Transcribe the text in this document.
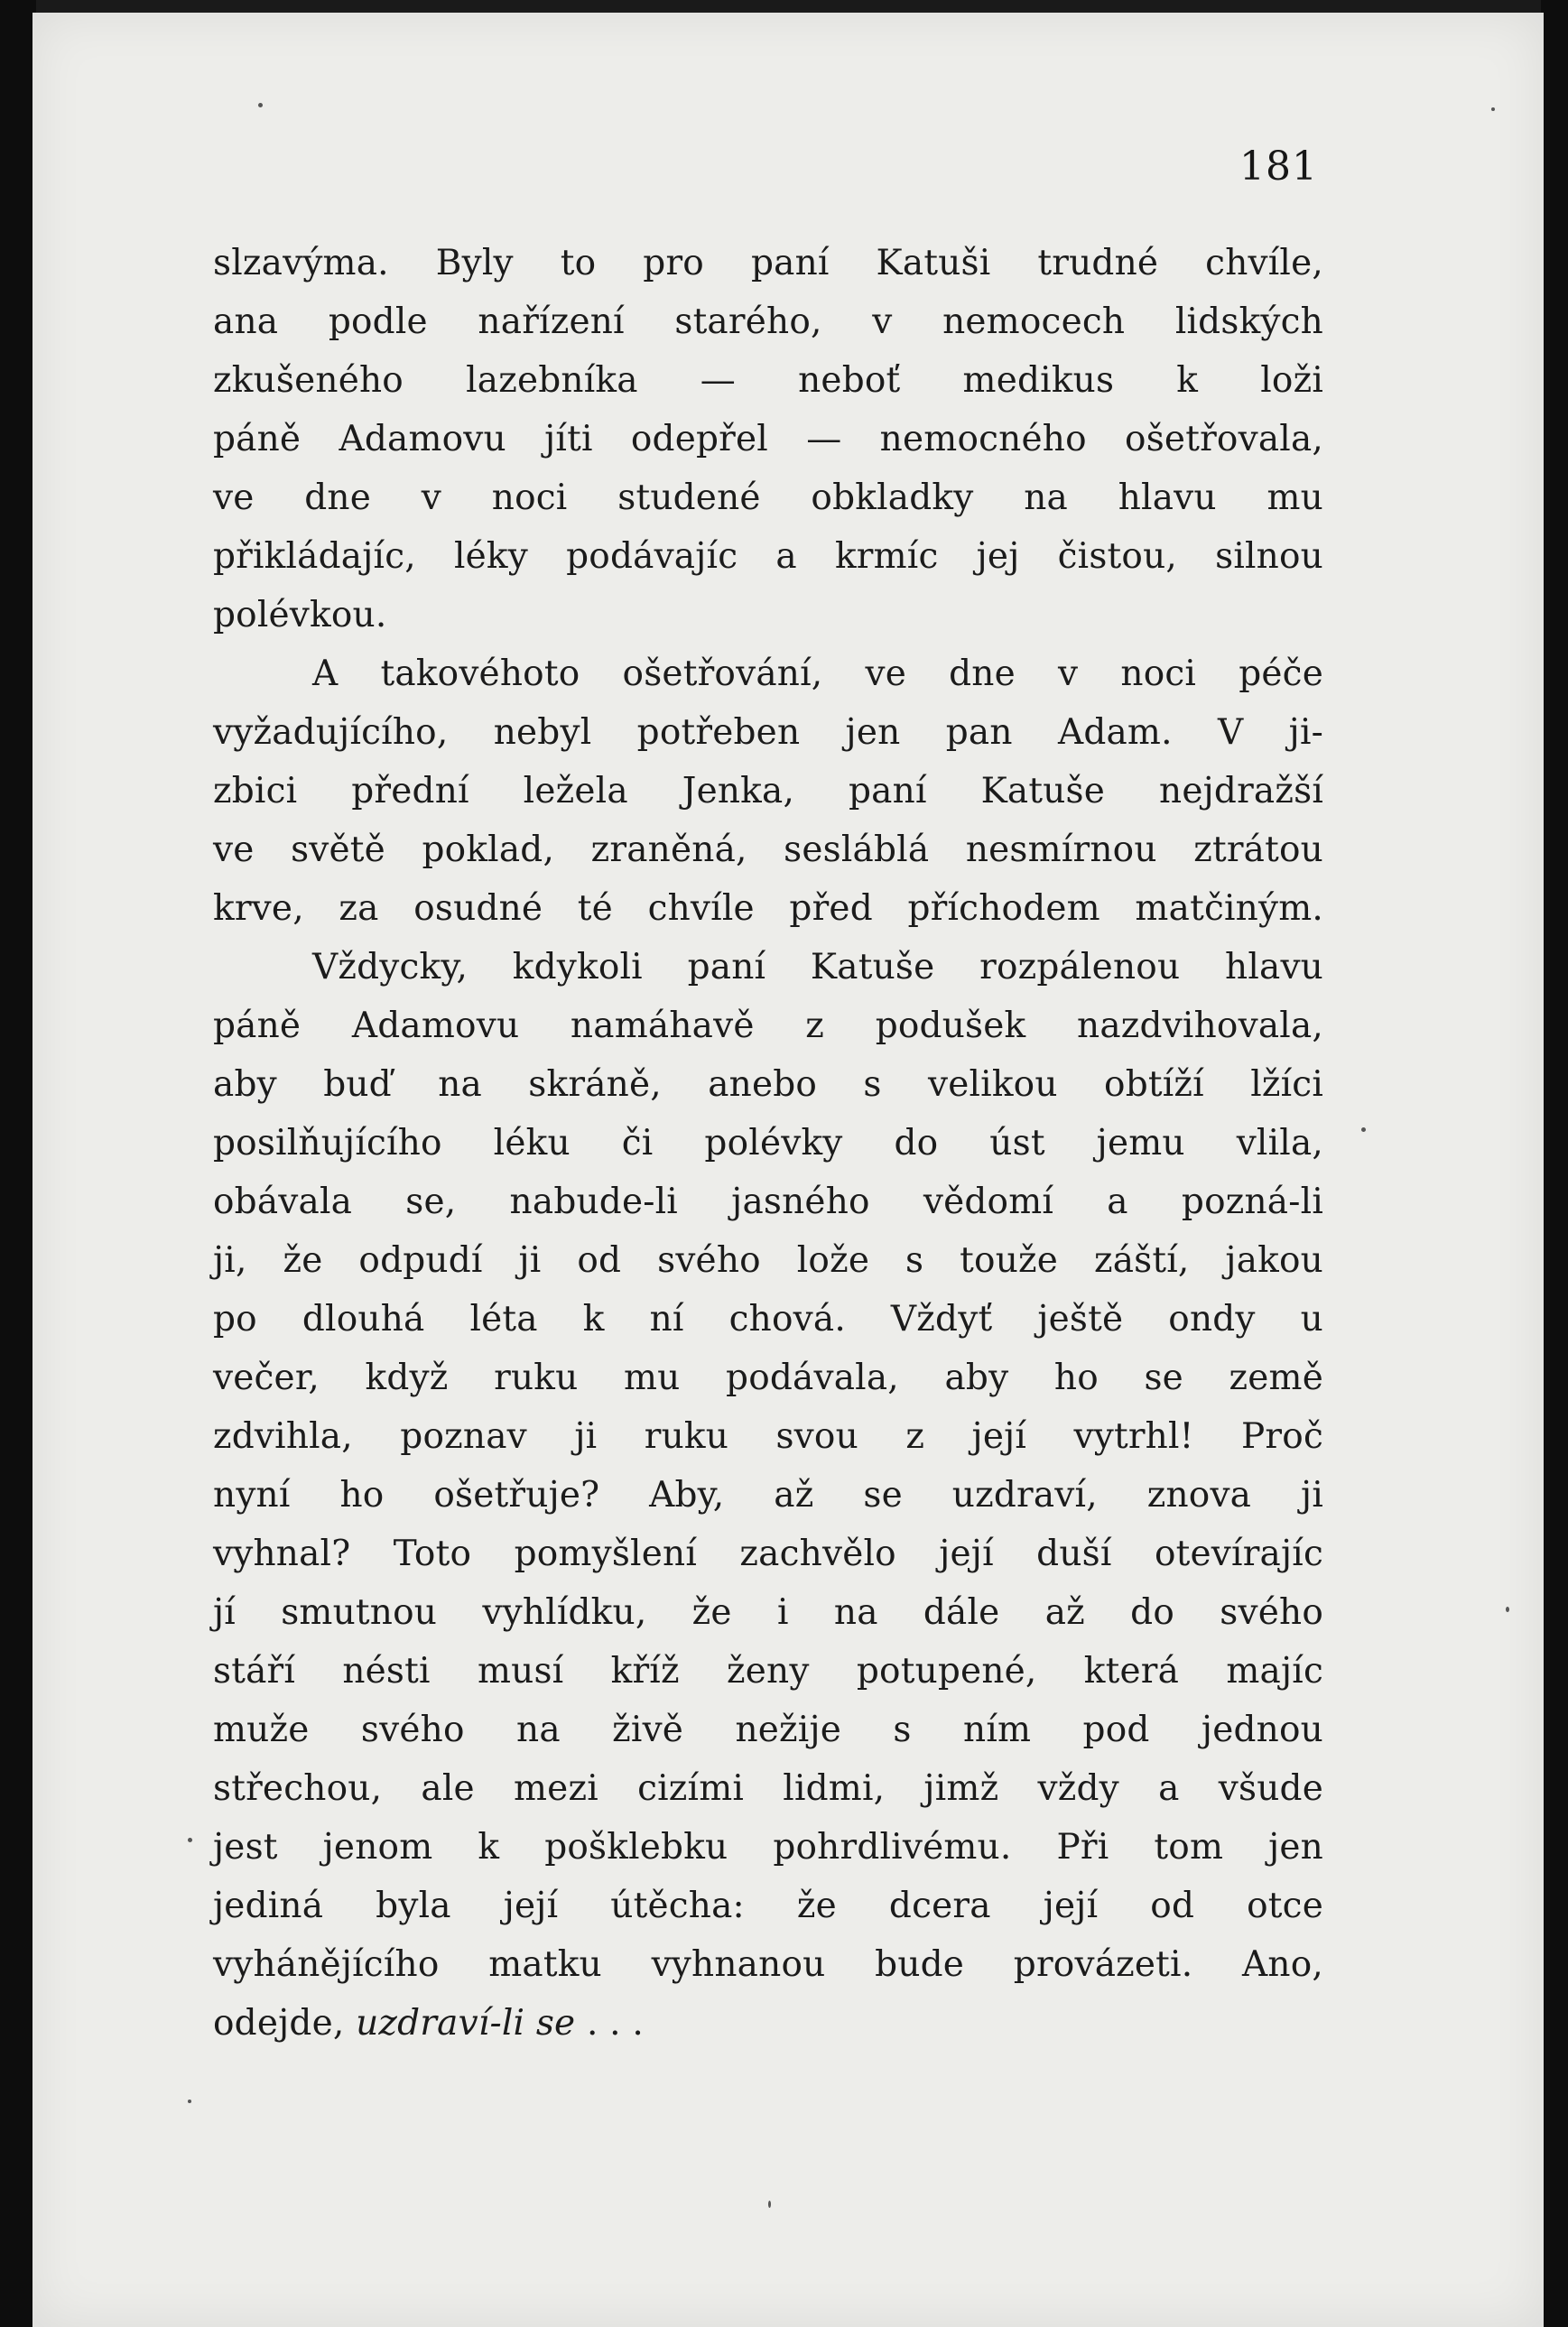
181
slzavýma. Byly to pro paní Katuši trudné chvíle,
ana podle nařízení starého, v nemocech lidských
zkušeného lazebníka — neboť medikus k loži
páně Adamovu jíti odepřel — nemocného ošetřovala,
ve dne v noci studené obkladky na hlavu mu
přikládajíc, léky podávajíc a krmíc jej čistou, silnou
polévkou.
A takovéhoto ošetřování, ve dne v noci péče
vyžadujícího, nebyl potřeben jen pan Adam. V ji-
zbici přední ležela Jenka, paní Katuše nejdražší
ve světě poklad, zraněná, sesláblá nesmírnou ztrátou
krve, za osudné té chvíle před příchodem matčiným.
Vždycky, kdykoli paní Katuše rozpálenou hlavu
páně Adamovu namáhavě z podušek nazdvihovala,
aby buď na skráně, anebo s velikou obtíží lžíci
posilňujícího léku či polévky do úst jemu vlila,
obávala se, nabude-li jasného vědomí a pozná-li
ji, že odpudí ji od svého lože s touže záští, jakou
po dlouhá léta k ní chová. Vždyť ještě ondy u
večer, když ruku mu podávala, aby ho se země
zdvihla, poznav ji ruku svou z její vytrhl! Proč
nyní ho ošetřuje? Aby, až se uzdraví, znova ji
vyhnal? Toto pomyšlení zachvělo její duší otevírajíc
jí smutnou vyhlídku, že i na dále až do svého
stáří nésti musí kříž ženy potupené, která majíc
muže svého na živě nežije s ním pod jednou
střechou, ale mezi cizími lidmi, jimž vždy a všude
jest jenom k pošklebku pohrdlivému. Při tom jen
jediná byla její útěcha: že dcera její od otce
vyhánějícího matku vyhnanou bude provázeti. Ano,
odejde, uzdraví-li se . . .
